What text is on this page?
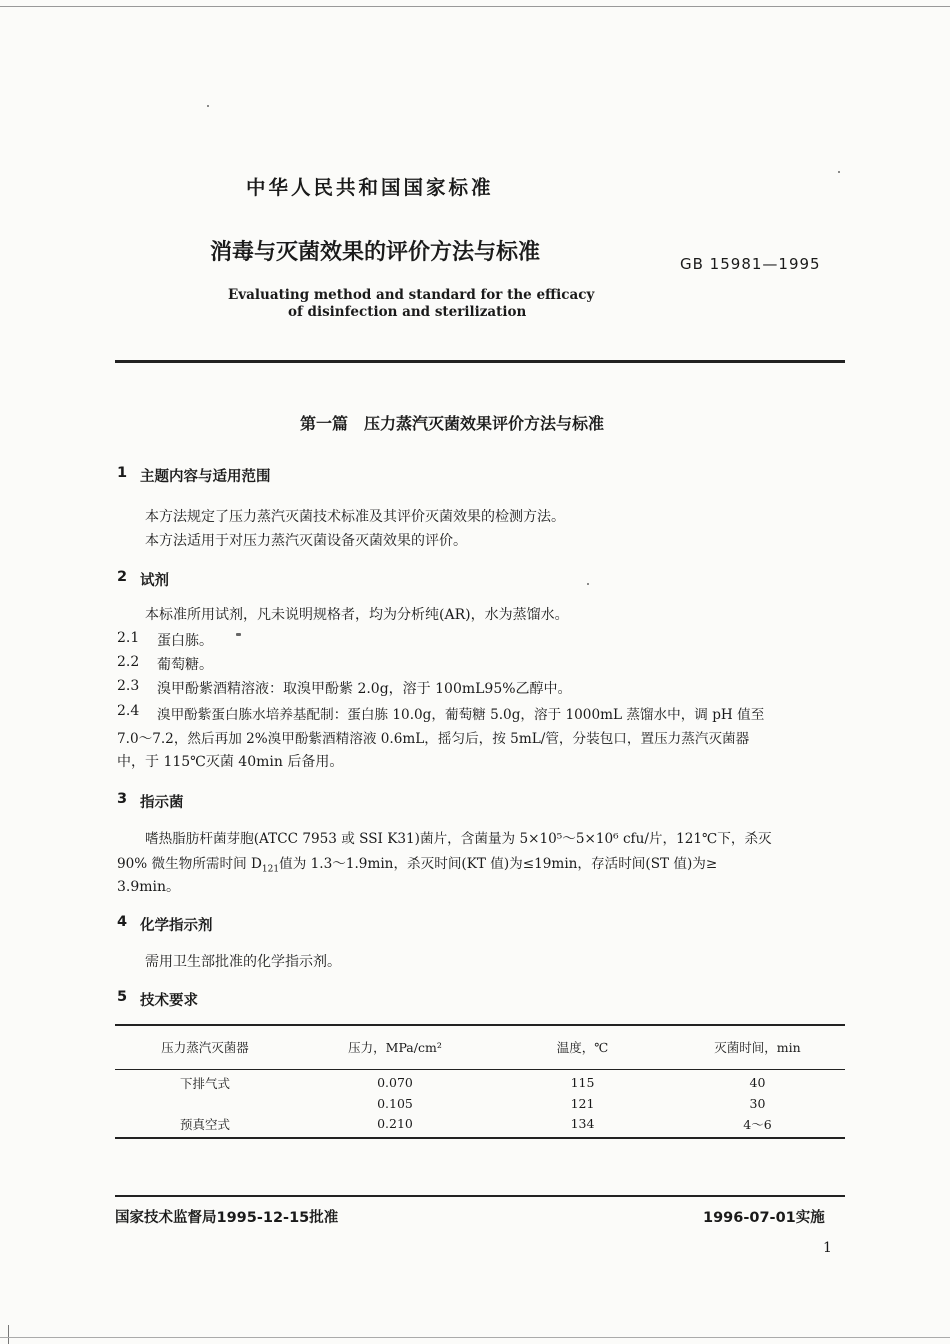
中华人民共和国国家标准
消毒与灭菌效果的评价方法与标准	GB 15981—1995
Evaluating method and standard for the efficacy
of disinfection and sterilization
第一篇　压力蒸汽灭菌效果评价方法与标准
1 主题内容与适用范围
本方法规定了压力蒸汽灭菌技术标准及其评价灭菌效果的检测方法。
本方法适用于对压力蒸汽灭菌设备灭菌效果的评价。
2 试剂
本标准所用试剂，凡未说明规格者，均为分析纯(AR)，水为蒸馏水。
2.1 蛋白胨。
2.2 葡萄糖。
2.3 溴甲酚紫酒精溶液：取溴甲酚紫 2.0g，溶于 100mL95%乙醇中。
2.4 溴甲酚紫蛋白胨水培养基配制：蛋白胨 10.0g，葡萄糖 5.0g，溶于 1000mL 蒸馏水中，调 pH 值至
7.0～7.2，然后再加 2%溴甲酚紫酒精溶液 0.6mL，摇匀后，按 5mL/管，分装包口，置压力蒸汽灭菌器
中，于 115℃灭菌 40min 后备用。
3 指示菌
嗜热脂肪杆菌芽胞(ATCC 7953 或 SSI K31)菌片，含菌量为 5×10⁵～5×10⁶ cfu/片，121℃下，杀灭
90% 微生物所需时间 $D_{121}$值为 1.3～1.9min，杀灭时间(KT 值)为≤19min，存活时间(ST 值)为≥
3.9min。
4 化学指示剂
需用卫生部批准的化学指示剂。
5 技术要求
压力蒸汽灭菌器	压力，MPa/cm²	温度，℃	灭菌时间，min
下排气式	0.070	115	40
	0.105	121	30
预真空式	0.210	134	4～6
国家技术监督局1995-12-15批准	1996-07-01实施
1
